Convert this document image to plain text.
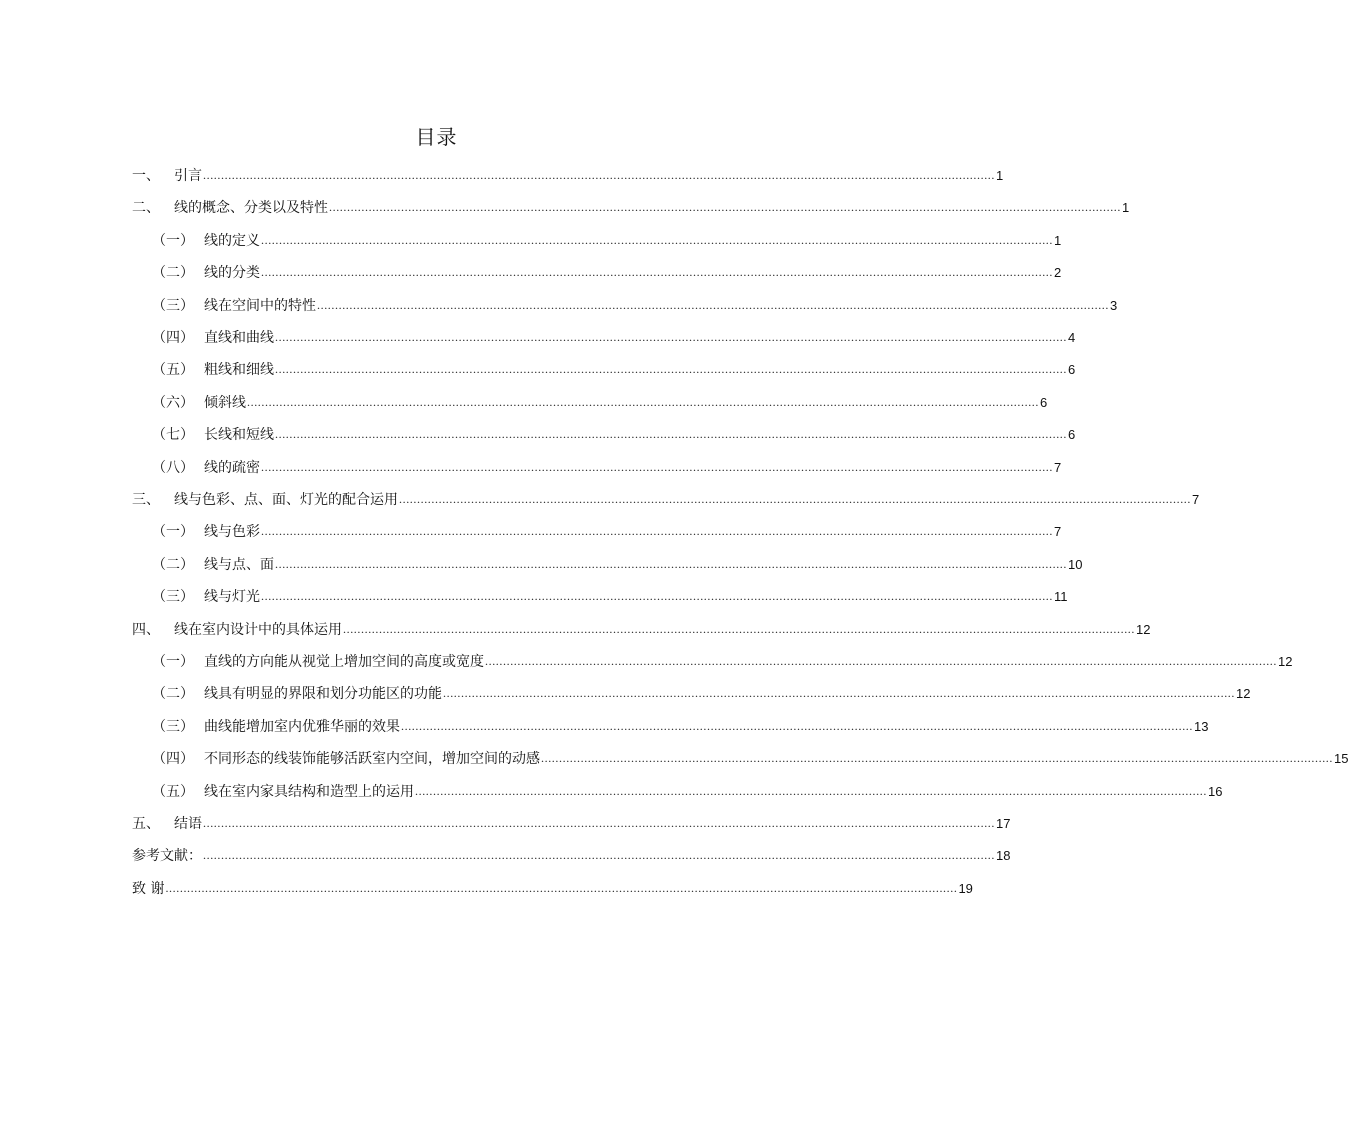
目录
一、	引言 ............................................................................................................................................................................................................................ 1
二、	线的概念、分类以及特性 ............................................................................................................................................................................................................................ 1
（一） 线的定义 ............................................................................................................................................................................................................................ 1
（二） 线的分类 ............................................................................................................................................................................................................................ 2
（三） 线在空间中的特性 ............................................................................................................................................................................................................................ 3
（四） 直线和曲线 ............................................................................................................................................................................................................................ 4
（五） 粗线和细线 ............................................................................................................................................................................................................................ 6
（六） 倾斜线 ............................................................................................................................................................................................................................ 6
（七） 长线和短线 ............................................................................................................................................................................................................................ 6
（八） 线的疏密 ............................................................................................................................................................................................................................ 7
三、	线与色彩、点、面、灯光的配合运用 ............................................................................................................................................................................................................................ 7
（一） 线与色彩 ............................................................................................................................................................................................................................ 7
（二） 线与点、面 ............................................................................................................................................................................................................................ 10
（三） 线与灯光 ............................................................................................................................................................................................................................ 11
四、	线在室内设计中的具体运用 ............................................................................................................................................................................................................................ 12
（一） 直线的方向能从视觉上增加空间的高度或宽度 ............................................................................................................................................................................................................................ 12
（二） 线具有明显的界限和划分功能区的功能 ............................................................................................................................................................................................................................ 12
（三） 曲线能增加室内优雅华丽的效果 ............................................................................................................................................................................................................................ 13
（四） 不同形态的线装饰能够活跃室内空间，增加空间的动感 ............................................................................................................................................................................................................................ 15
（五） 线在室内家具结构和造型上的运用 ............................................................................................................................................................................................................................ 16
五、	结语 ............................................................................................................................................................................................................................ 17
参考文献： ............................................................................................................................................................................................................................ 18
致 谢 ............................................................................................................................................................................................................................ 19
